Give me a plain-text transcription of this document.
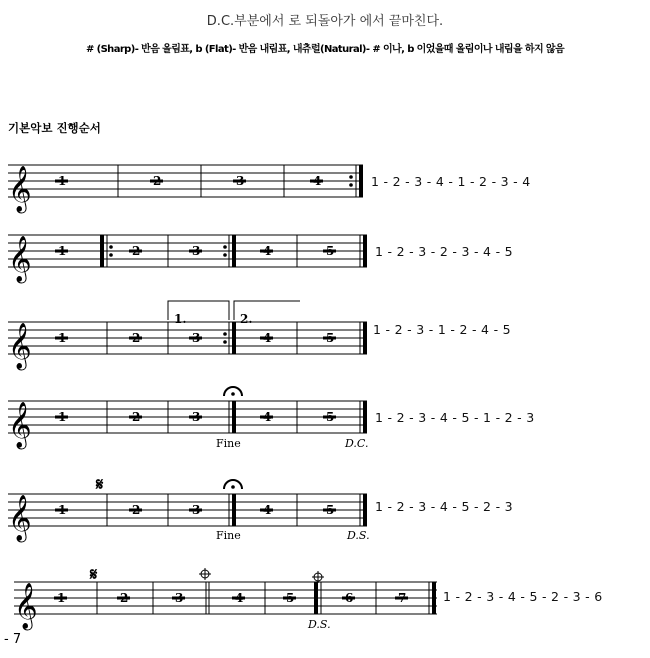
D.C.부분에서 로 되돌아가 에서 끝마친다.
# (Sharp)- 반음 올림표, b (Flat)- 반음 내림표, 내츄럴(Natural)- # 이나, b 이었을때 올림이나 내림을 하지 않음
기본악보 진행순서
𝄞 1	2	3	4
𝄞 1	2	3	4	5
𝄞
1.	2.
1	2	3	4	5
𝄞 1	2	3	4	5
Fine	D.C.
𝄋
𝄞 1	2	3	4	5
Fine	D.S.
𝄋
𝄞 1	2	3	4	5	6	7
D.S.
1 - 2 - 3 - 4 - 1 - 2 - 3 - 4
1 - 2 - 3 - 2 - 3 - 4 - 5
1 - 2 - 3 - 1 - 2 - 4 - 5
1 - 2 - 3 - 4 - 5 - 1 - 2 - 3
1 - 2 - 3 - 4 - 5 - 2 - 3
1 - 2 - 3 - 4 - 5 - 2 - 3 - 6
- 7
